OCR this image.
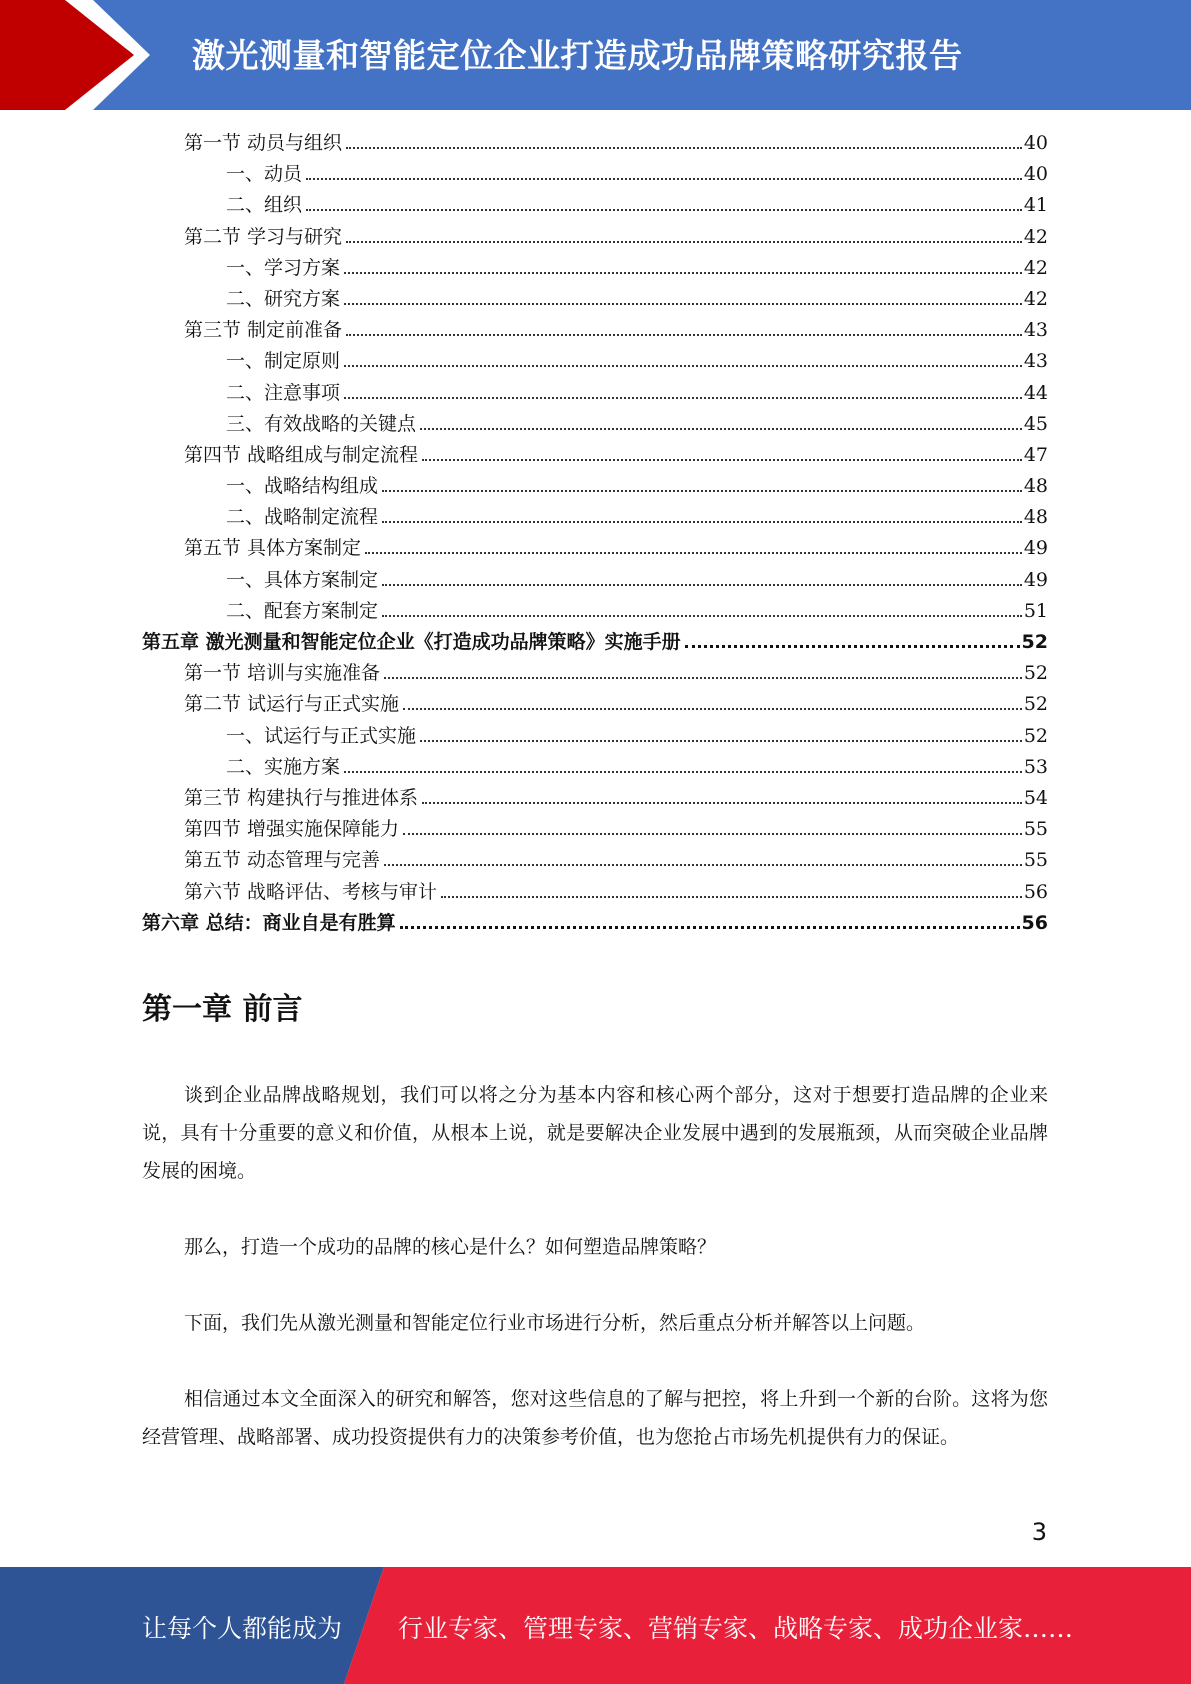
激光测量和智能定位企业打造成功品牌策略研究报告
第一节 动员与组织	40
一、动员	40
二、组织	41
第二节 学习与研究	42
一、学习方案	42
二、研究方案	42
第三节 制定前准备	43
一、制定原则	43
二、注意事项	44
三、有效战略的关键点	45
第四节 战略组成与制定流程	47
一、战略结构组成	48
二、战略制定流程	48
第五节 具体方案制定	49
一、具体方案制定	49
二、配套方案制定	51
第五章 激光测量和智能定位企业《打造成功品牌策略》实施手册	52
第一节 培训与实施准备	52
第二节 试运行与正式实施	52
一、试运行与正式实施	52
二、实施方案	53
第三节 构建执行与推进体系	54
第四节 增强实施保障能力	55
第五节 动态管理与完善	55
第六节 战略评估、考核与审计	56
第六章 总结：商业自是有胜算	56
第一章 前言

谈到企业品牌战略规划，我们可以将之分为基本内容和核心两个部分，这对于想要打造品牌的企业来说，具有十分重要的意义和价值，从根本上说，就是要解决企业发展中遇到的发展瓶颈，从而突破企业品牌发展的困境。

那么，打造一个成功的品牌的核心是什么？如何塑造品牌策略？

下面，我们先从激光测量和智能定位行业市场进行分析，然后重点分析并解答以上问题。

相信通过本文全面深入的研究和解答，您对这些信息的了解与把控，将上升到一个新的台阶。这将为您经营管理、战略部署、成功投资提供有力的决策参考价值，也为您抢占市场先机提供有力的保证。

3
让每个人都能成为 行业专家、管理专家、营销专家、战略专家、成功企业家……
